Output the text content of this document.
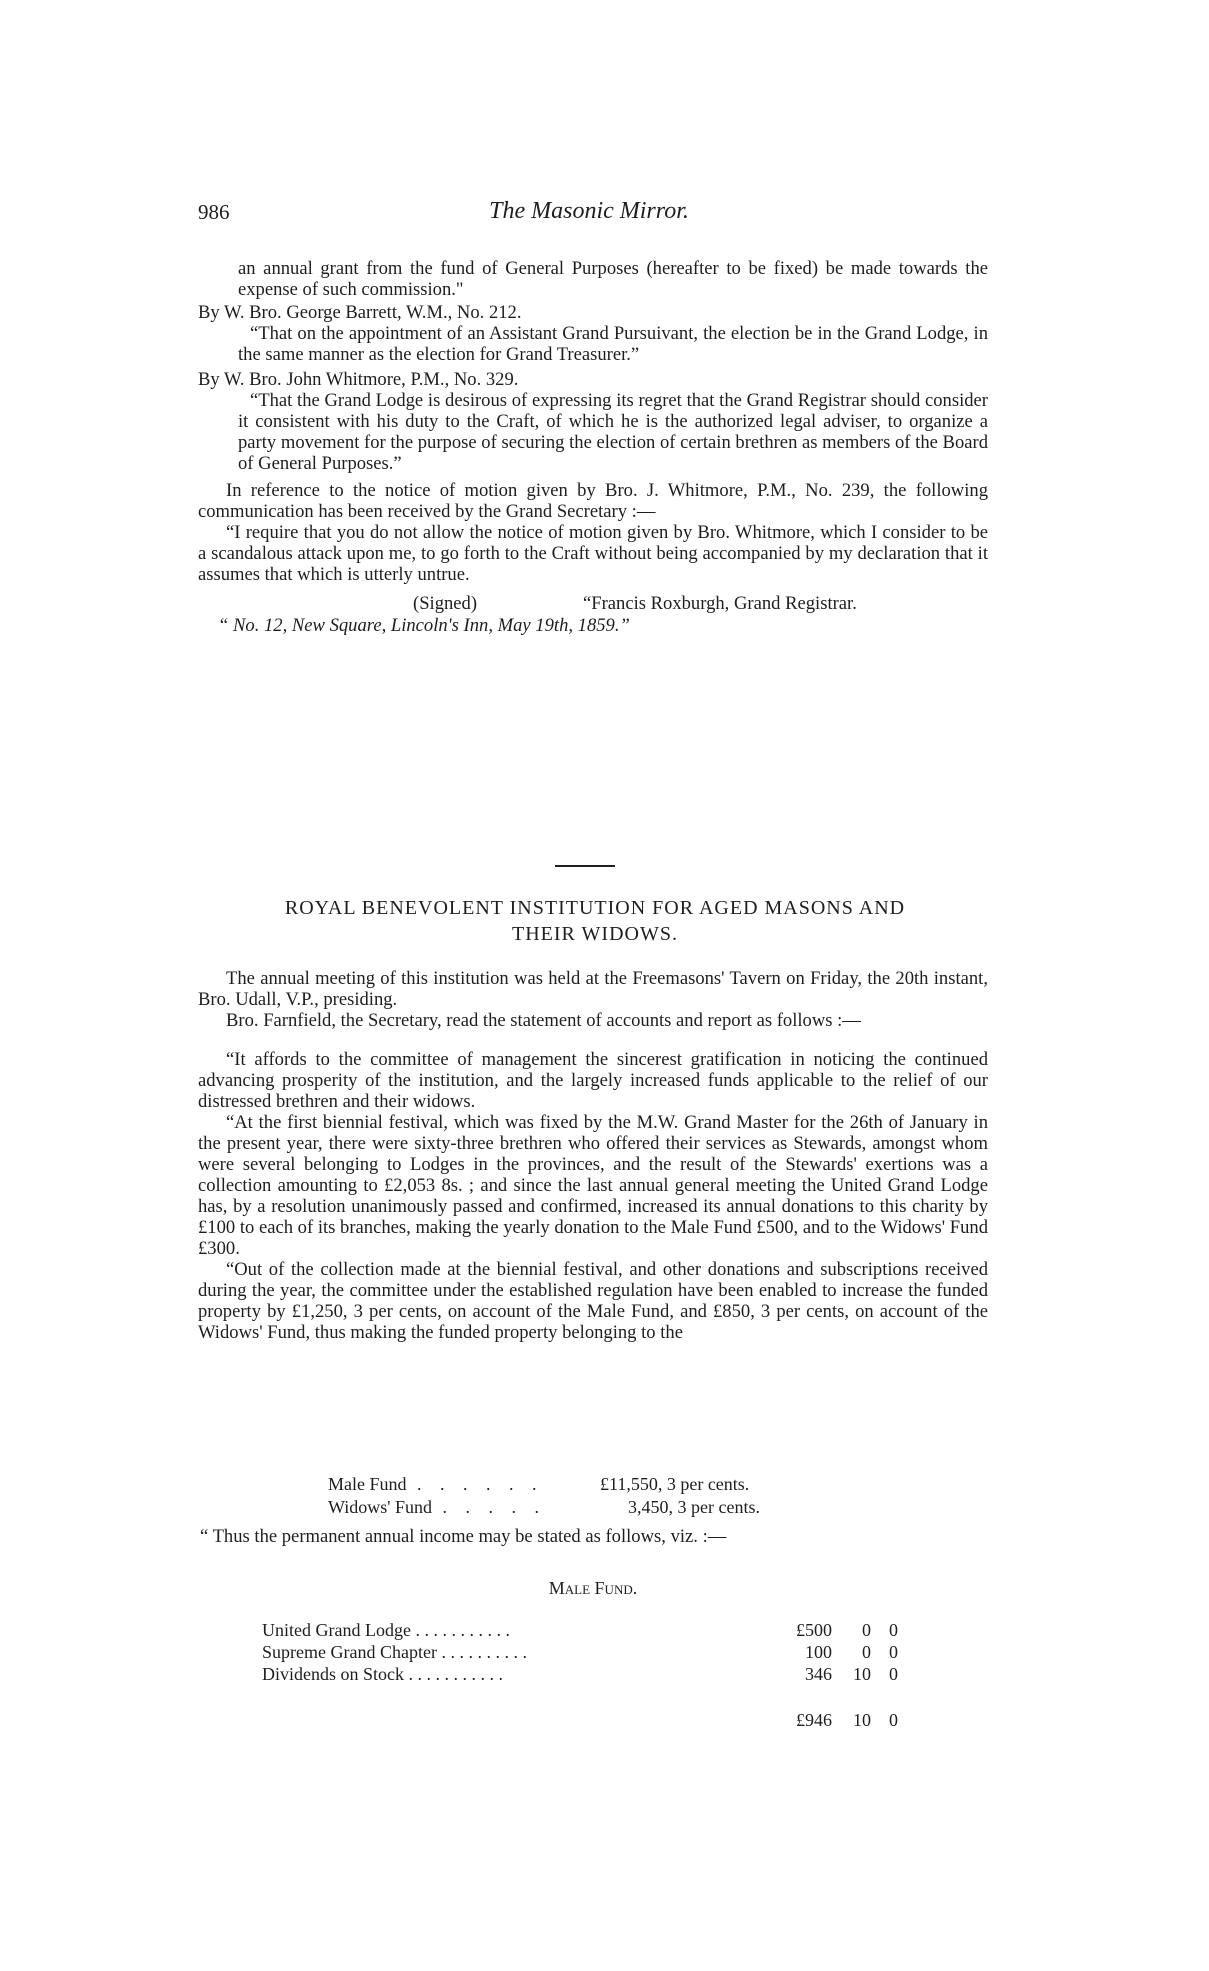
986	The Masonic Mirror.

an annual grant from the fund of General Purposes (hereafter to be fixed) be made towards the expense of such commission."

By W. Bro. George Barrett, W.M., No. 212.

“That on the appointment of an Assistant Grand Pursuivant, the election be in the Grand Lodge, in the same manner as the election for Grand Treasurer.”

By W. Bro. John Whitmore, P.M., No. 329.

“That the Grand Lodge is desirous of expressing its regret that the Grand Registrar should consider it consistent with his duty to the Craft, of which he is the authorized legal adviser, to organize a party movement for the purpose of securing the election of certain brethren as members of the Board of General Purposes.”

In reference to the notice of motion given by Bro. J. Whitmore, P.M., No. 239, the following communication has been received by the Grand Secretary :—

“I require that you do not allow the notice of motion given by Bro. Whitmore, which I consider to be a scandalous attack upon me, to go forth to the Craft without being accompanied by my declaration that it assumes that which is utterly untrue.

(Signed)	“Francis Roxburgh, Grand Registrar.

“ No. 12, New Square, Lincoln's Inn, May 19th, 1859.”

ROYAL BENEVOLENT INSTITUTION FOR AGED MASONS AND
THEIR WIDOWS.

The annual meeting of this institution was held at the Freemasons' Tavern on Friday, the 20th instant, Bro. Udall, V.P., presiding.

Bro. Farnfield, the Secretary, read the statement of accounts and report as follows :—

“It affords to the committee of management the sincerest gratification in noticing the continued advancing prosperity of the institution, and the largely increased funds applicable to the relief of our distressed brethren and their widows.

“At the first biennial festival, which was fixed by the M.W. Grand Master for the 26th of January in the present year, there were sixty-three brethren who offered their services as Stewards, amongst whom were several belonging to Lodges in the provinces, and the result of the Stewards' exertions was a collection amounting to £2,053 8s. ; and since the last annual general meeting the United Grand Lodge has, by a resolution unanimously passed and confirmed, increased its annual donations to this charity by £100 to each of its branches, making the yearly donation to the Male Fund £500, and to the Widows' Fund £300.

“Out of the collection made at the biennial festival, and other donations and subscriptions received during the year, the committee under the established regulation have been enabled to increase the funded property by £1,250, 3 per cents, on account of the Male Fund, and £850, 3 per cents, on account of the Widows' Fund, thus making the funded property belonging to the

Male Fund . . . . . .	£11,550, 3 per cents.
Widows' Fund . . . . .	3,450, 3 per cents.

“ Thus the permanent annual income may be stated as follows, viz. :—

Male Fund.
United Grand Lodge . . . . . . . . . . .	£500	0 0
Supreme Grand Chapter . . . . . . . . . .	100	0 0
Dividends on Stock . . . . . . . . . . .	346	10 0
£946	10 0
